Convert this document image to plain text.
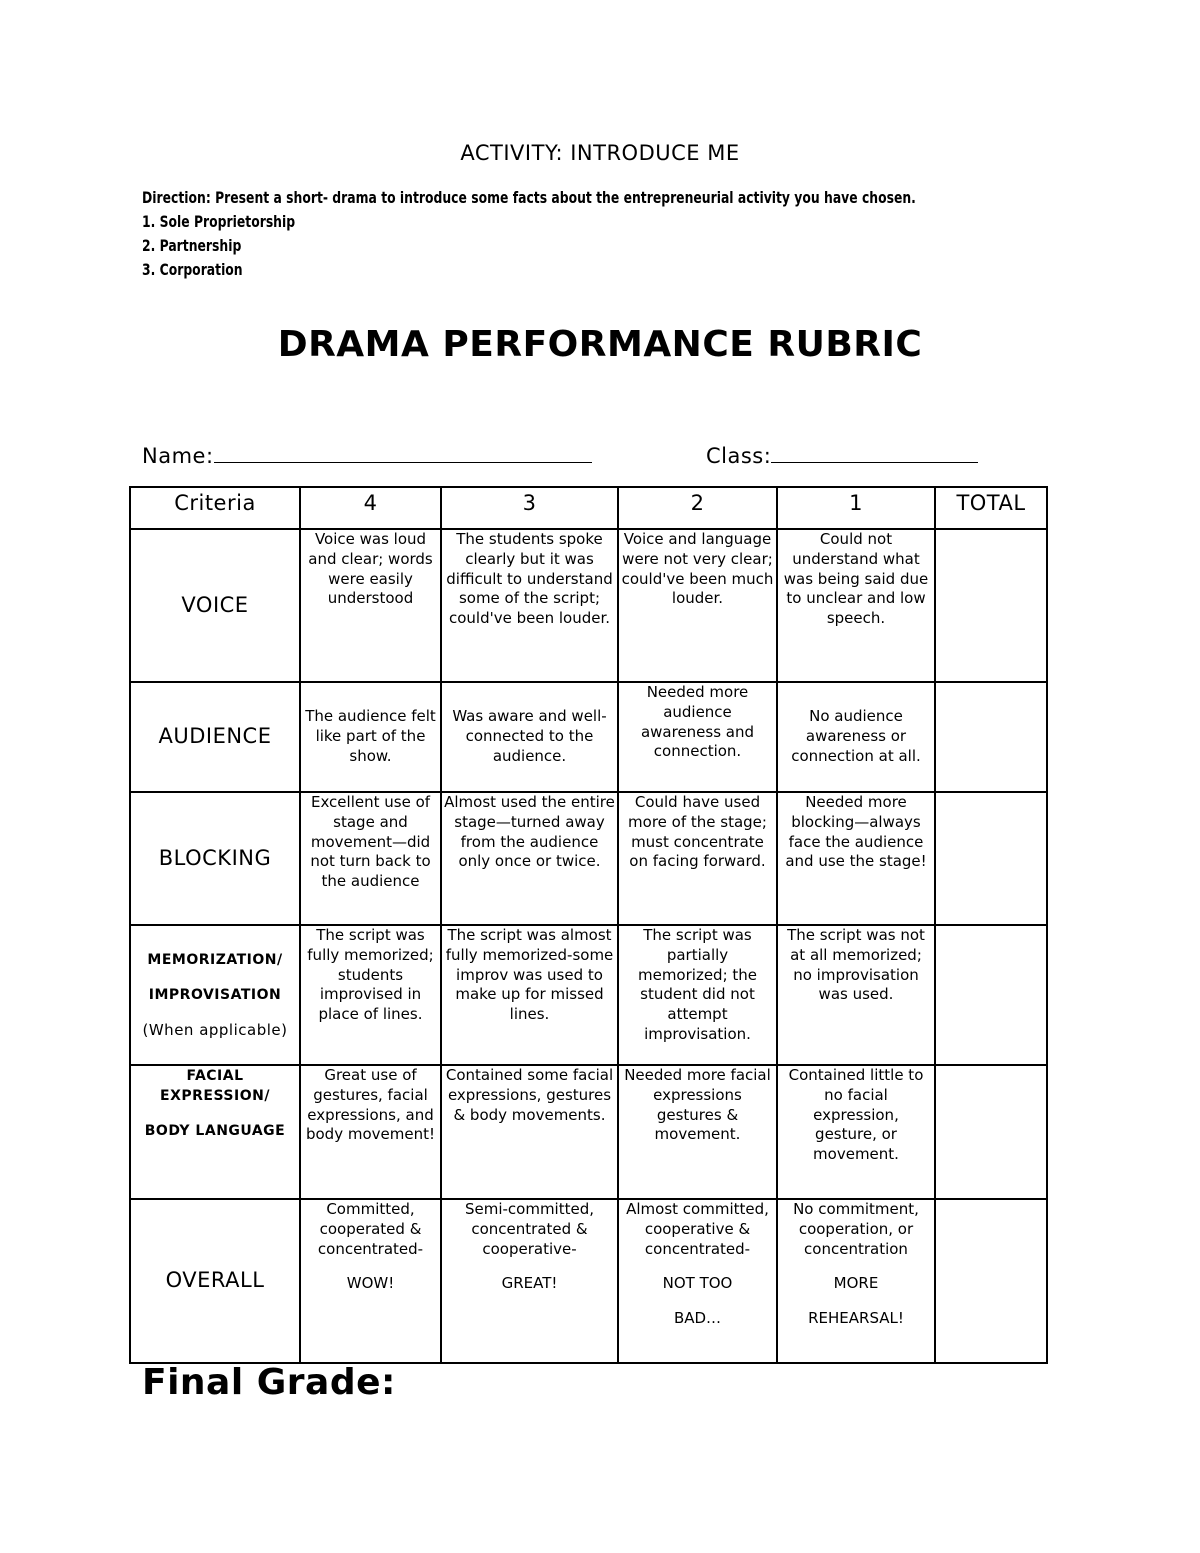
ACTIVITY: INTRODUCE ME
Direction: Present a short- drama to introduce some facts about the entrepreneurial activity you have chosen.
1. Sole Proprietorship
2. Partnership
3. Corporation
DRAMA PERFORMANCE RUBRIC
Name:	Class:
Criteria	4	3	2	1	TOTAL
VOICE	Voice was loud and clear; words were easily understood	The students spoke clearly but it was difficult to understand some of the script; could've been louder.	Voice and language were not very clear; could've been much louder.	Could not understand what was being said due to unclear and low speech.	
AUDIENCE	The audience felt like part of the show.	Was aware and well-connected to the audience.	Needed more audience awareness and connection.	No audience awareness or connection at all.	
BLOCKING	Excellent use of stage and movement—did not turn back to the audience	Almost used the entire stage—turned away from the audience only once or twice.	Could have used more of the stage; must concentrate on facing forward.	Needed more blocking—always face the audience and use the stage!	
MEMORIZATION/

IMPROVISATION

(When applicable)	The script was fully memorized; students improvised in place of lines.	The script was almost fully memorized-some improv was used to make up for missed lines.	The script was partially memorized; the student did not attempt improvisation.	The script was not at all memorized; no improvisation was used.	
FACIAL EXPRESSION/

BODY LANGUAGE	Great use of gestures, facial expressions, and body movement!	Contained some facial expressions, gestures & body movements.	Needed more facial expressions gestures & movement.	Contained little to no facial expression, gesture, or movement.	
OVERALL	Committed, cooperated & concentrated-

WOW!	Semi-committed, concentrated & cooperative-

GREAT!	Almost committed, cooperative & concentrated-

NOT TOO

BAD…	No commitment, cooperation, or concentration

MORE

REHEARSAL!	
Final Grade:
